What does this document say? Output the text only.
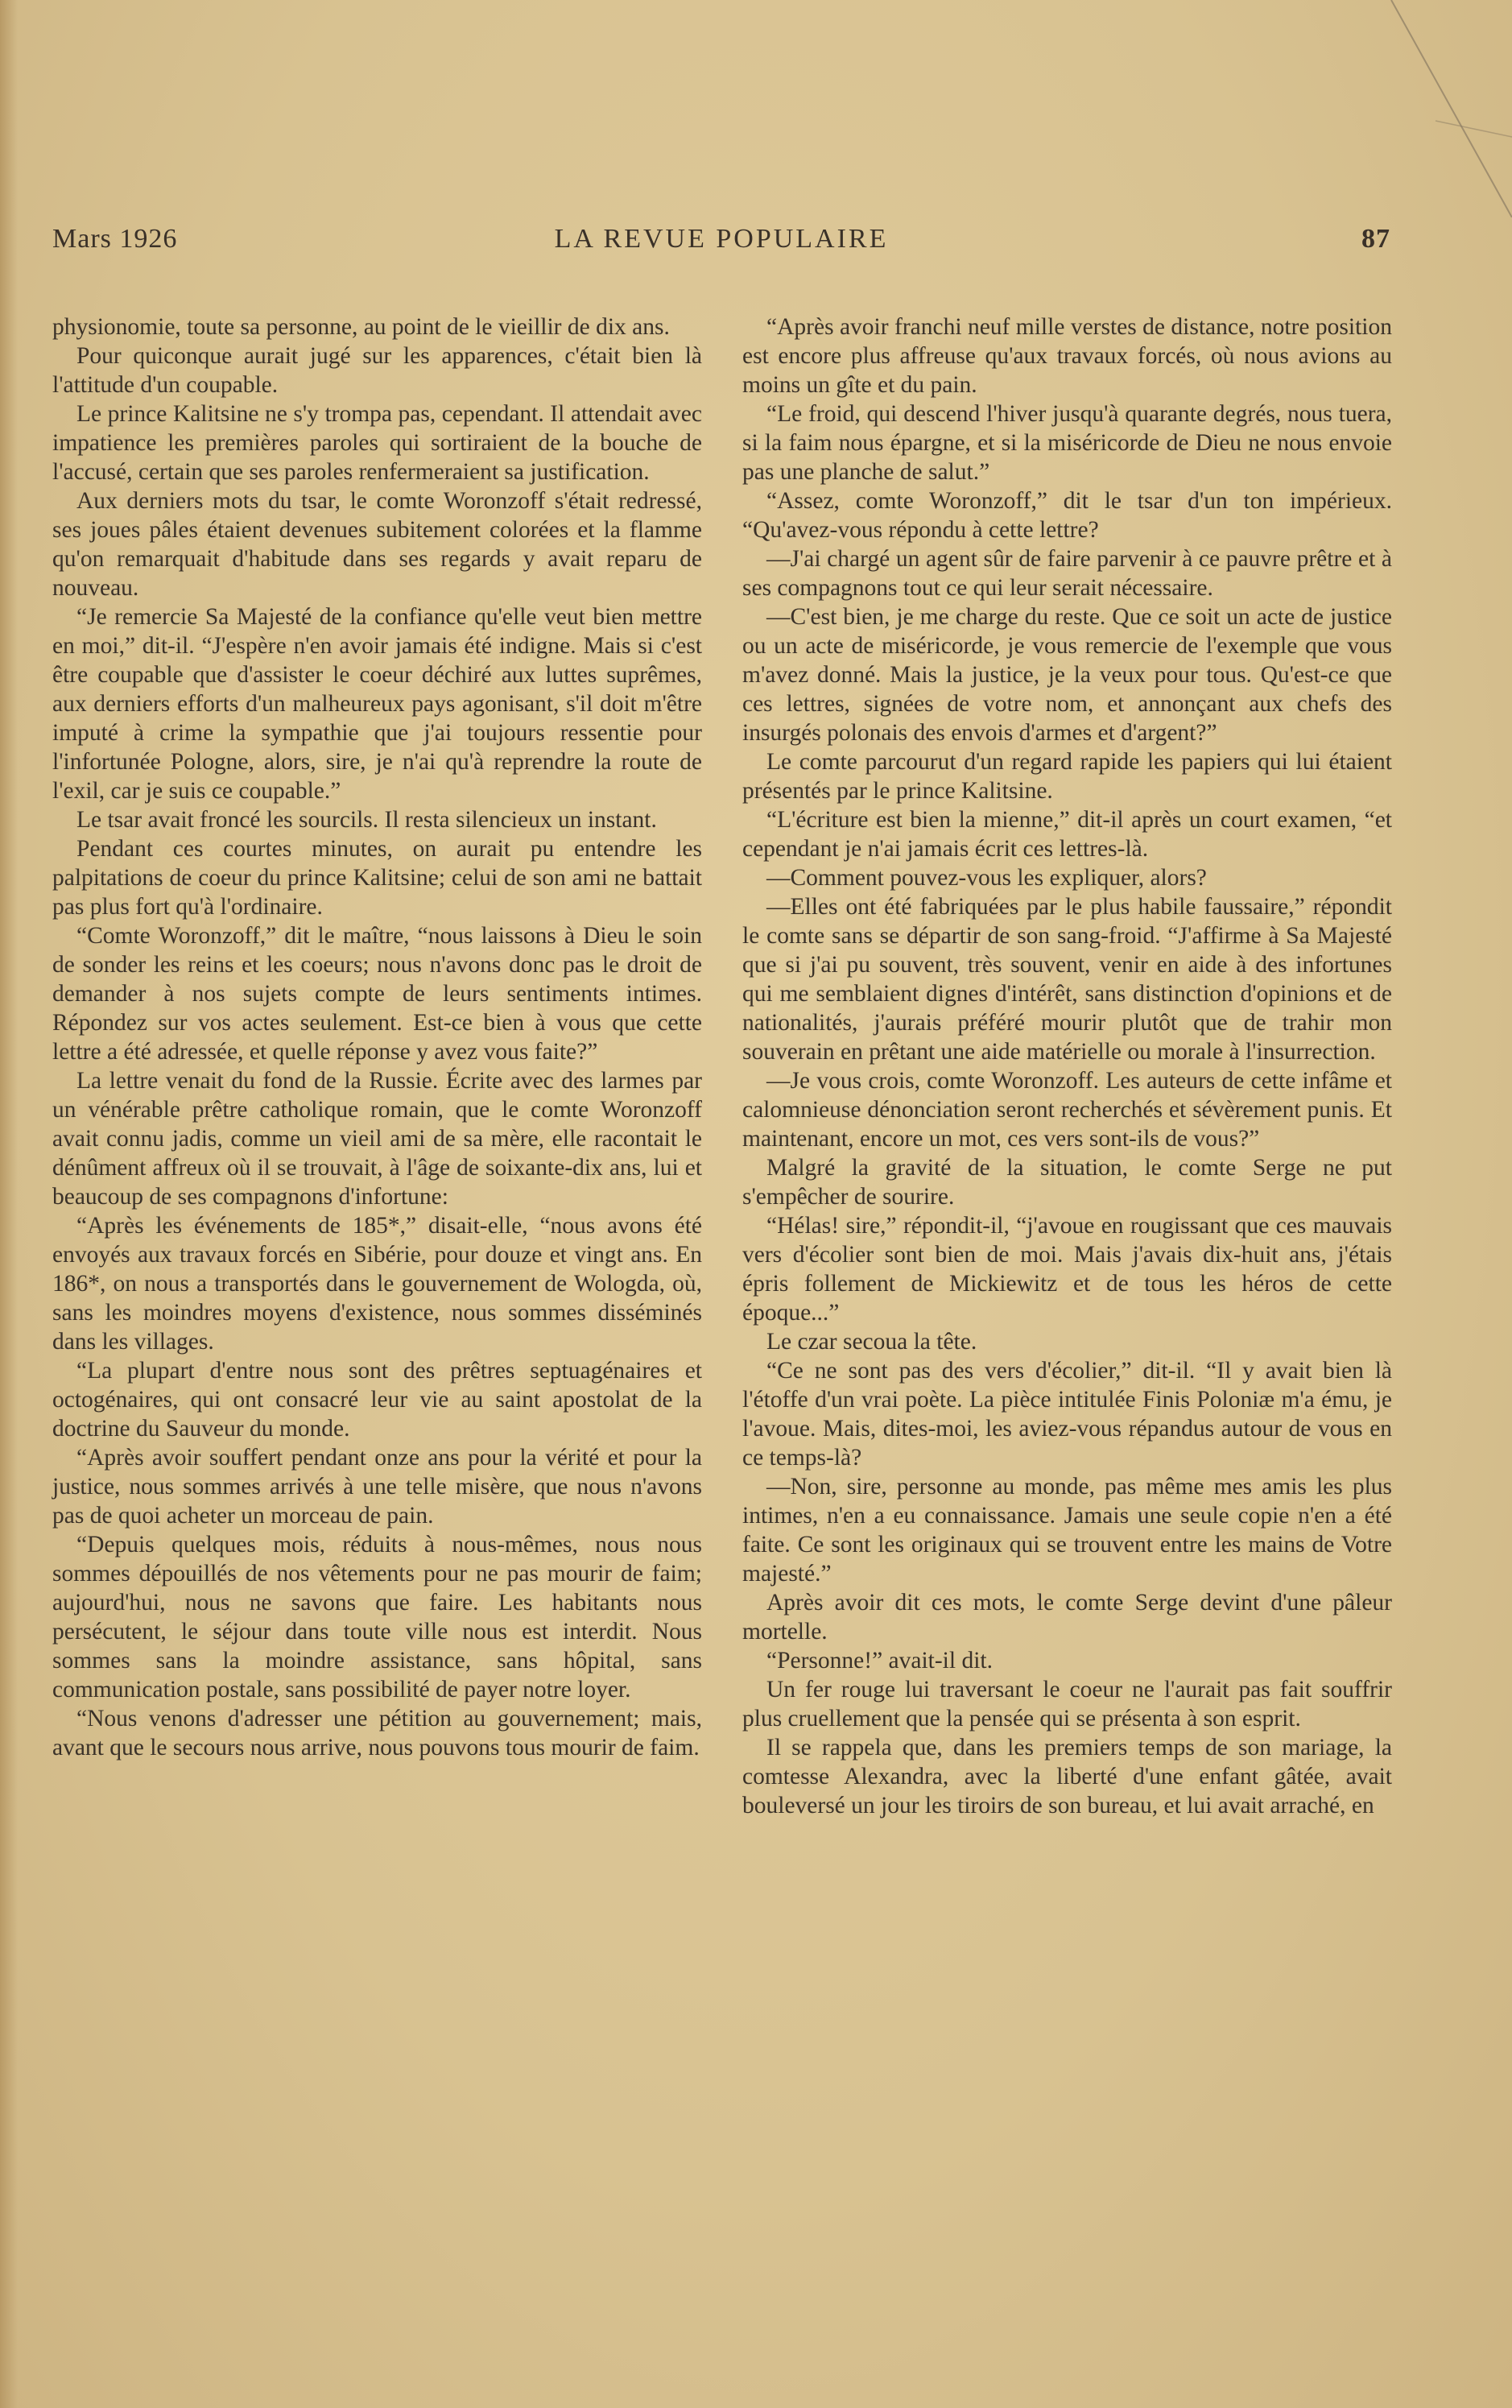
Mars 1926	LA REVUE POPULAIRE	87

physionomie, toute sa personne, au point de le vieillir de dix ans.

Pour quiconque aurait jugé sur les apparences, c'était bien là l'attitude d'un coupable.

Le prince Kalitsine ne s'y trompa pas, cependant. Il attendait avec impatience les premières paroles qui sortiraient de la bouche de l'accusé, certain que ses paroles renfermeraient sa justification.

Aux derniers mots du tsar, le comte Woronzoff s'était redressé, ses joues pâles étaient devenues subitement colorées et la flamme qu'on remarquait d'habitude dans ses regards y avait reparu de nouveau.

“Je remercie Sa Majesté de la confiance qu'elle veut bien mettre en moi,” dit-il. “J'espère n'en avoir jamais été indigne. Mais si c'est être coupable que d'assister le coeur déchiré aux luttes suprêmes, aux derniers efforts d'un malheureux pays agonisant, s'il doit m'être imputé à crime la sympathie que j'ai toujours ressentie pour l'infortunée Pologne, alors, sire, je n'ai qu'à reprendre la route de l'exil, car je suis ce coupable.”

Le tsar avait froncé les sourcils. Il resta silencieux un instant.

Pendant ces courtes minutes, on aurait pu entendre les palpitations de coeur du prince Kalitsine; celui de son ami ne battait pas plus fort qu'à l'ordinaire.

“Comte Woronzoff,” dit le maître, “nous laissons à Dieu le soin de sonder les reins et les coeurs; nous n'avons donc pas le droit de demander à nos sujets compte de leurs sentiments intimes. Répondez sur vos actes seulement. Est-ce bien à vous que cette lettre a été adressée, et quelle réponse y avez vous faite?”

La lettre venait du fond de la Russie. Écrite avec des larmes par un vénérable prêtre catholique romain, que le comte Woronzoff avait connu jadis, comme un vieil ami de sa mère, elle racontait le dénûment affreux où il se trouvait, à l'âge de soixante-dix ans, lui et beaucoup de ses compagnons d'infortune:

“Après les événements de 185*,” disait-elle, “nous avons été envoyés aux travaux forcés en Sibérie, pour douze et vingt ans. En 186*, on nous a transportés dans le gouvernement de Wologda, où, sans les moindres moyens d'existence, nous sommes disséminés dans les villages.

“La plupart d'entre nous sont des prêtres septuagénaires et octogénaires, qui ont consacré leur vie au saint apostolat de la doctrine du Sauveur du monde.

“Après avoir souffert pendant onze ans pour la vérité et pour la justice, nous sommes arrivés à une telle misère, que nous n'avons pas de quoi acheter un morceau de pain.

“Depuis quelques mois, réduits à nous-mêmes, nous nous sommes dépouillés de nos vêtements pour ne pas mourir de faim; aujourd'hui, nous ne savons que faire. Les habitants nous persécutent, le séjour dans toute ville nous est interdit. Nous sommes sans la moindre assistance, sans hôpital, sans communication postale, sans possibilité de payer notre loyer.

“Nous venons d'adresser une pétition au gouvernement; mais, avant que le secours nous arrive, nous pouvons tous mourir de faim.

“Après avoir franchi neuf mille verstes de distance, notre position est encore plus affreuse qu'aux travaux forcés, où nous avions au moins un gîte et du pain.

“Le froid, qui descend l'hiver jusqu'à quarante degrés, nous tuera, si la faim nous épargne, et si la miséricorde de Dieu ne nous envoie pas une planche de salut.”

“Assez, comte Woronzoff,” dit le tsar d'un ton impérieux. “Qu'avez-vous répondu à cette lettre?

—J'ai chargé un agent sûr de faire parvenir à ce pauvre prêtre et à ses compagnons tout ce qui leur serait nécessaire.

—C'est bien, je me charge du reste. Que ce soit un acte de justice ou un acte de miséricorde, je vous remercie de l'exemple que vous m'avez donné. Mais la justice, je la veux pour tous. Qu'est-ce que ces lettres, signées de votre nom, et annonçant aux chefs des insurgés polonais des envois d'armes et d'argent?”

Le comte parcourut d'un regard rapide les papiers qui lui étaient présentés par le prince Kalitsine.

“L'écriture est bien la mienne,” dit-il après un court examen, “et cependant je n'ai jamais écrit ces lettres-là.

—Comment pouvez-vous les expliquer, alors?

—Elles ont été fabriquées par le plus habile faussaire,” répondit le comte sans se départir de son sang-froid. “J'affirme à Sa Majesté que si j'ai pu souvent, très souvent, venir en aide à des infortunes qui me semblaient dignes d'intérêt, sans distinction d'opinions et de nationalités, j'aurais préféré mourir plutôt que de trahir mon souverain en prêtant une aide matérielle ou morale à l'insurrection.

—Je vous crois, comte Woronzoff. Les auteurs de cette infâme et calomnieuse dénonciation seront recherchés et sévèrement punis. Et maintenant, encore un mot, ces vers sont-ils de vous?”

Malgré la gravité de la situation, le comte Serge ne put s'empêcher de sourire.

“Hélas! sire,” répondit-il, “j'avoue en rougissant que ces mauvais vers d'écolier sont bien de moi. Mais j'avais dix-huit ans, j'étais épris follement de Mickiewitz et de tous les héros de cette époque...”

Le czar secoua la tête.

“Ce ne sont pas des vers d'écolier,” dit-il. “Il y avait bien là l'étoffe d'un vrai poète. La pièce intitulée Finis Poloniæ m'a ému, je l'avoue. Mais, dites-moi, les aviez-vous répandus autour de vous en ce temps-là?

—Non, sire, personne au monde, pas même mes amis les plus intimes, n'en a eu connaissance. Jamais une seule copie n'en a été faite. Ce sont les originaux qui se trouvent entre les mains de Votre majesté.”

Après avoir dit ces mots, le comte Serge devint d'une pâleur mortelle.

“Personne!” avait-il dit.

Un fer rouge lui traversant le coeur ne l'aurait pas fait souffrir plus cruellement que la pensée qui se présenta à son esprit.

Il se rappela que, dans les premiers temps de son mariage, la comtesse Alexandra, avec la liberté d'une enfant gâtée, avait bouleversé un jour les tiroirs de son bureau, et lui avait arraché, en
